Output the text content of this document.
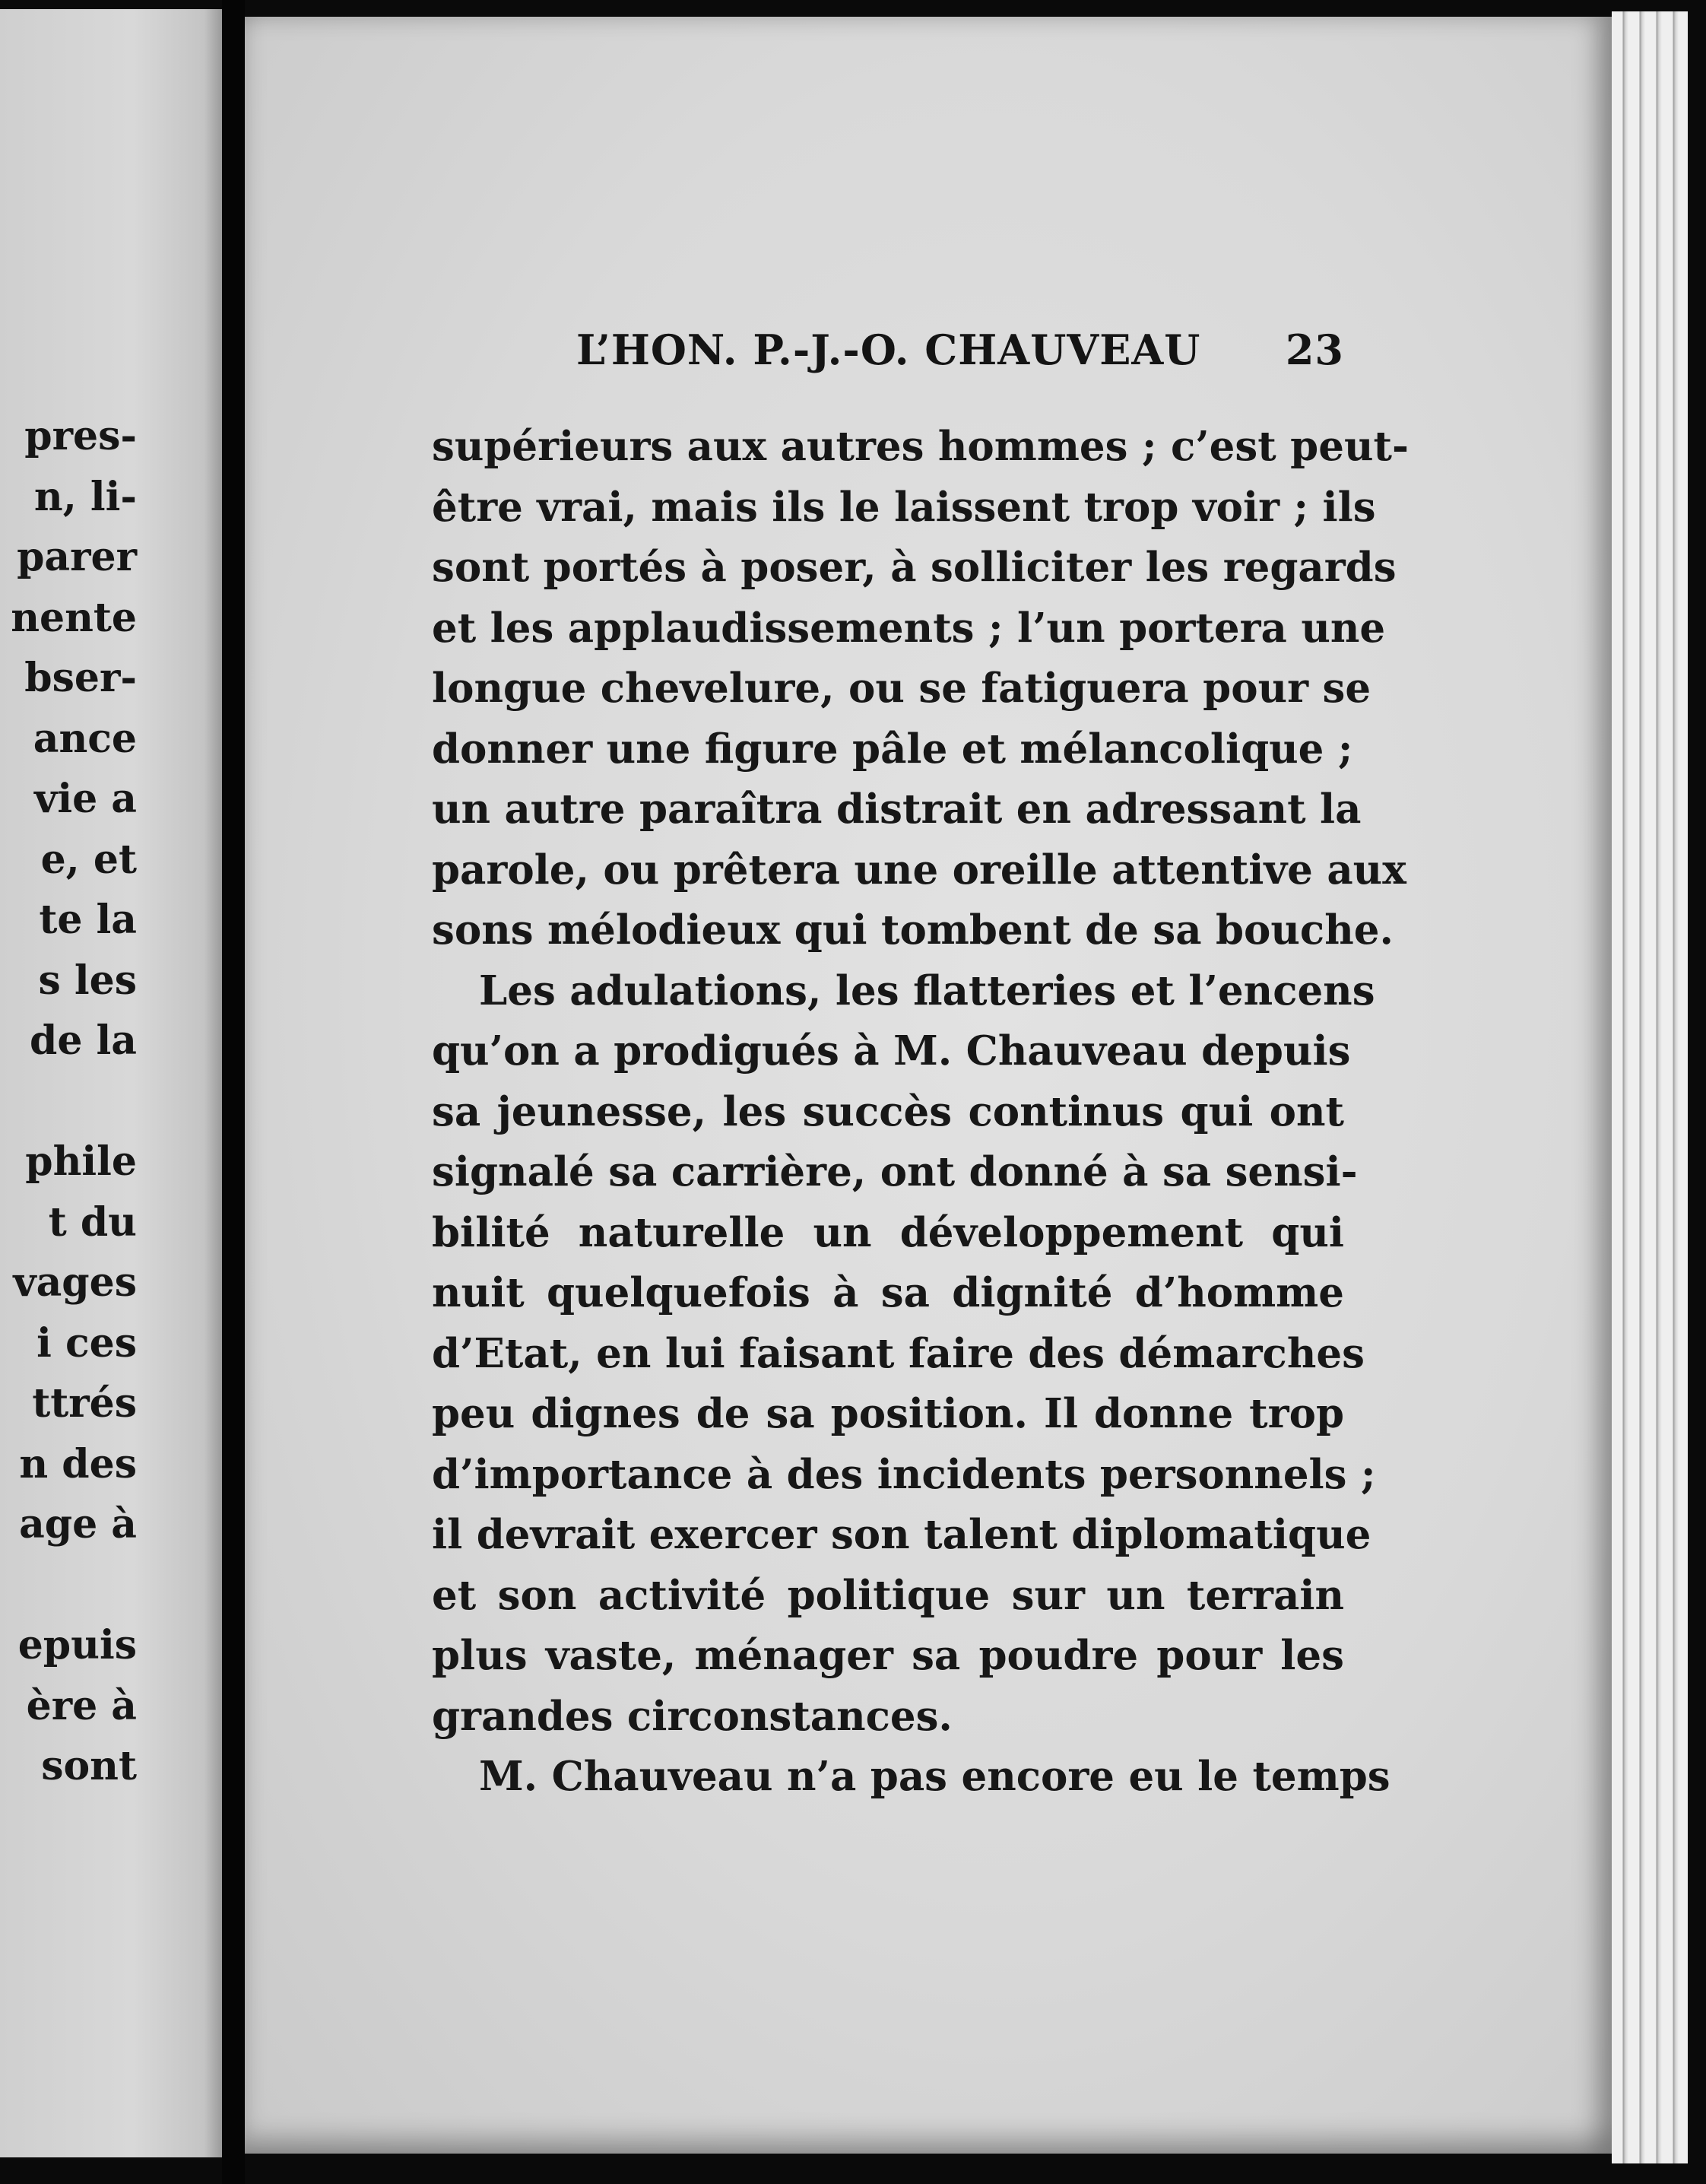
pres-
n, li-
parer
nente
bser-
ance
vie a
e, et
te la
s les
de la
phile
t du
vages
i ces
ttrés
n des
age à
epuis
ère à
sont
L’HON. P.-J.-O. CHAUVEAU 23
supérieurs aux autres hommes ; c’est peut-
être vrai, mais ils le laissent trop voir ; ils
sont portés à poser, à solliciter les regards
et les applaudissements ; l’un portera une
longue chevelure, ou se fatiguera pour se
donner une figure pâle et mélancolique ;
un autre paraîtra distrait en adressant la
parole, ou prêtera une oreille attentive aux
sons mélodieux qui tombent de sa bouche.
Les adulations, les flatteries et l’encens
qu’on a prodigués à M. Chauveau depuis
sa jeunesse, les succès continus qui ont
signalé sa carrière, ont donné à sa sensi-
bilité naturelle un développement qui
nuit quelquefois à sa dignité d’homme
d’Etat, en lui faisant faire des démarches
peu dignes de sa position. Il donne trop
d’importance à des incidents personnels ;
il devrait exercer son talent diplomatique
et son activité politique sur un terrain
plus vaste, ménager sa poudre pour les
grandes circonstances.
M. Chauveau n’a pas encore eu le temps
